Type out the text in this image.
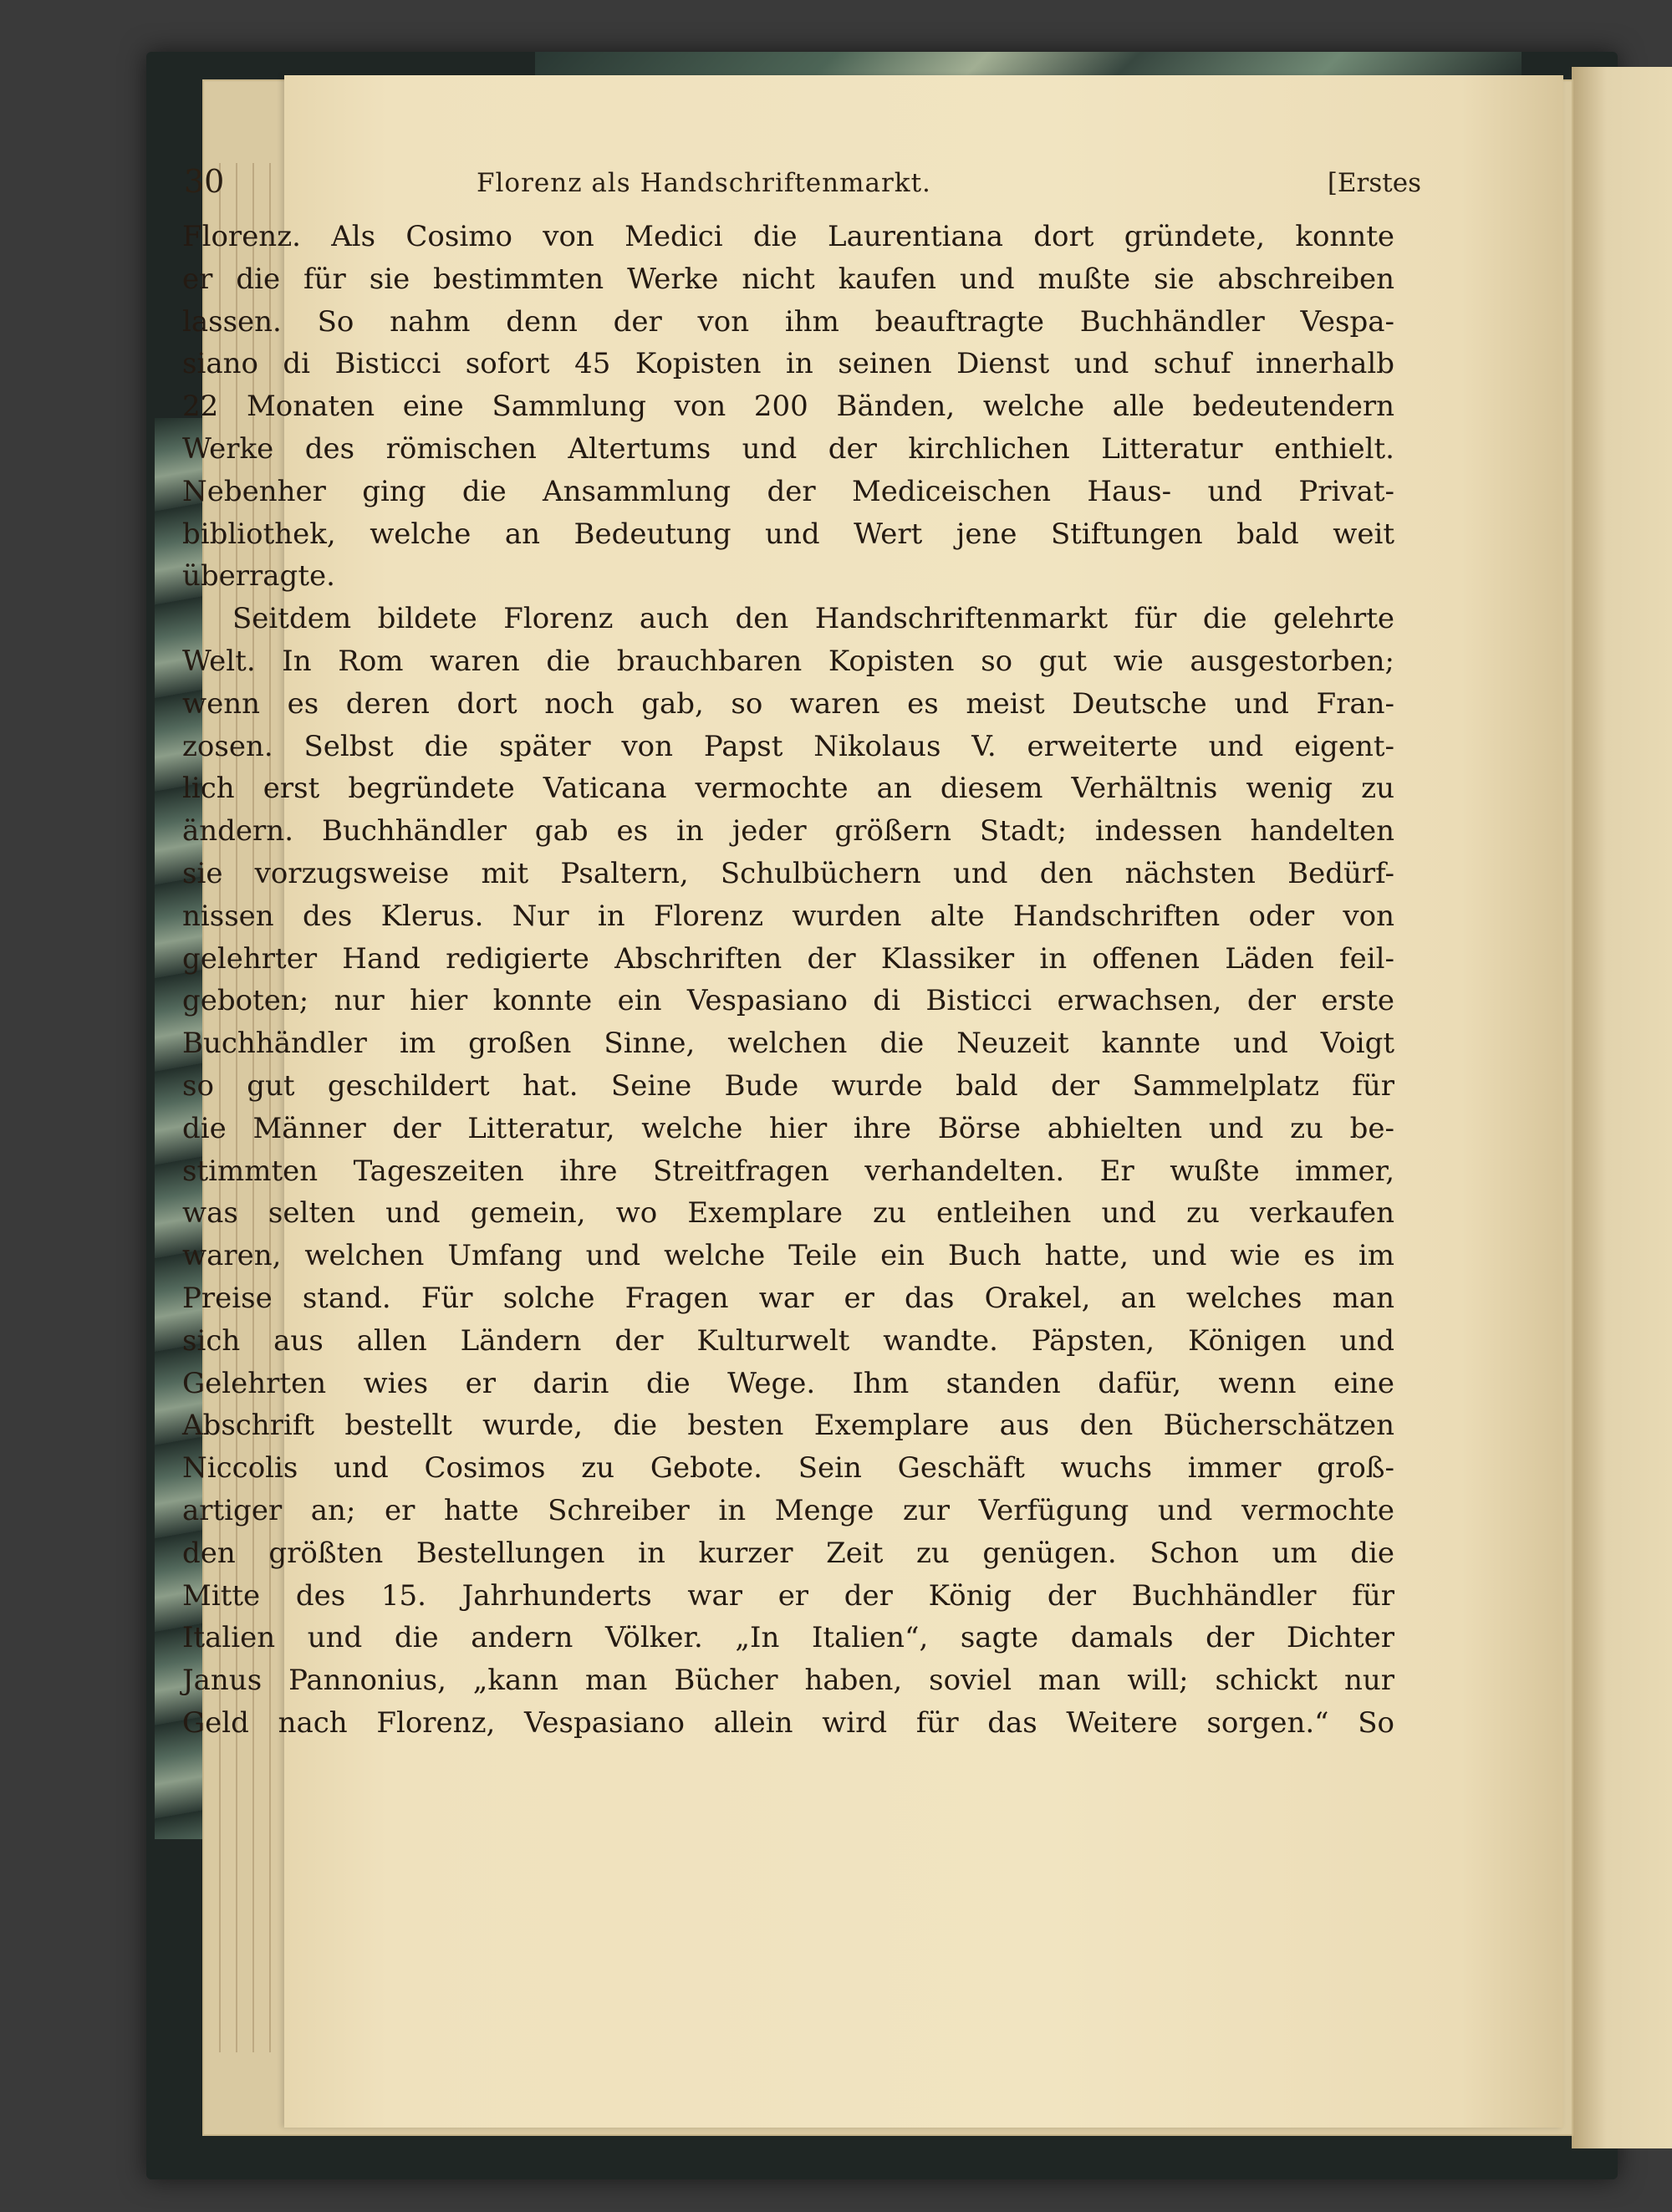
30	Florenz als Handschriftenmarkt.	[Erstes
Florenz. Als Cosimo von Medici die Laurentiana dort gründete, konnte
er die für sie bestimmten Werke nicht kaufen und mußte sie abschreiben
lassen. So nahm denn der von ihm beauftragte Buchhändler Vespa-
siano di Bisticci sofort 45 Kopisten in seinen Dienst und schuf innerhalb
22 Monaten eine Sammlung von 200 Bänden, welche alle bedeutendern
Werke des römischen Altertums und der kirchlichen Litteratur enthielt.
Nebenher ging die Ansammlung der Mediceischen Haus- und Privat-
bibliothek, welche an Bedeutung und Wert jene Stiftungen bald weit
überragte.
Seitdem bildete Florenz auch den Handschriftenmarkt für die gelehrte
Welt. In Rom waren die brauchbaren Kopisten so gut wie ausgestorben;
wenn es deren dort noch gab, so waren es meist Deutsche und Fran-
zosen. Selbst die später von Papst Nikolaus V. erweiterte und eigent-
lich erst begründete Vaticana vermochte an diesem Verhältnis wenig zu
ändern. Buchhändler gab es in jeder größern Stadt; indessen handelten
sie vorzugsweise mit Psaltern, Schulbüchern und den nächsten Bedürf-
nissen des Klerus. Nur in Florenz wurden alte Handschriften oder von
gelehrter Hand redigierte Abschriften der Klassiker in offenen Läden feil-
geboten; nur hier konnte ein Vespasiano di Bisticci erwachsen, der erste
Buchhändler im großen Sinne, welchen die Neuzeit kannte und Voigt
so gut geschildert hat. Seine Bude wurde bald der Sammelplatz für
die Männer der Litteratur, welche hier ihre Börse abhielten und zu be-
stimmten Tageszeiten ihre Streitfragen verhandelten. Er wußte immer,
was selten und gemein, wo Exemplare zu entleihen und zu verkaufen
waren, welchen Umfang und welche Teile ein Buch hatte, und wie es im
Preise stand. Für solche Fragen war er das Orakel, an welches man
sich aus allen Ländern der Kulturwelt wandte. Päpsten, Königen und
Gelehrten wies er darin die Wege. Ihm standen dafür, wenn eine
Abschrift bestellt wurde, die besten Exemplare aus den Bücherschätzen
Niccolis und Cosimos zu Gebote. Sein Geschäft wuchs immer groß-
artiger an; er hatte Schreiber in Menge zur Verfügung und vermochte
den größten Bestellungen in kurzer Zeit zu genügen. Schon um die
Mitte des 15. Jahrhunderts war er der König der Buchhändler für
Italien und die andern Völker. „In Italien“, sagte damals der Dichter
Janus Pannonius, „kann man Bücher haben, soviel man will; schickt nur
Geld nach Florenz, Vespasiano allein wird für das Weitere sorgen.“ So
